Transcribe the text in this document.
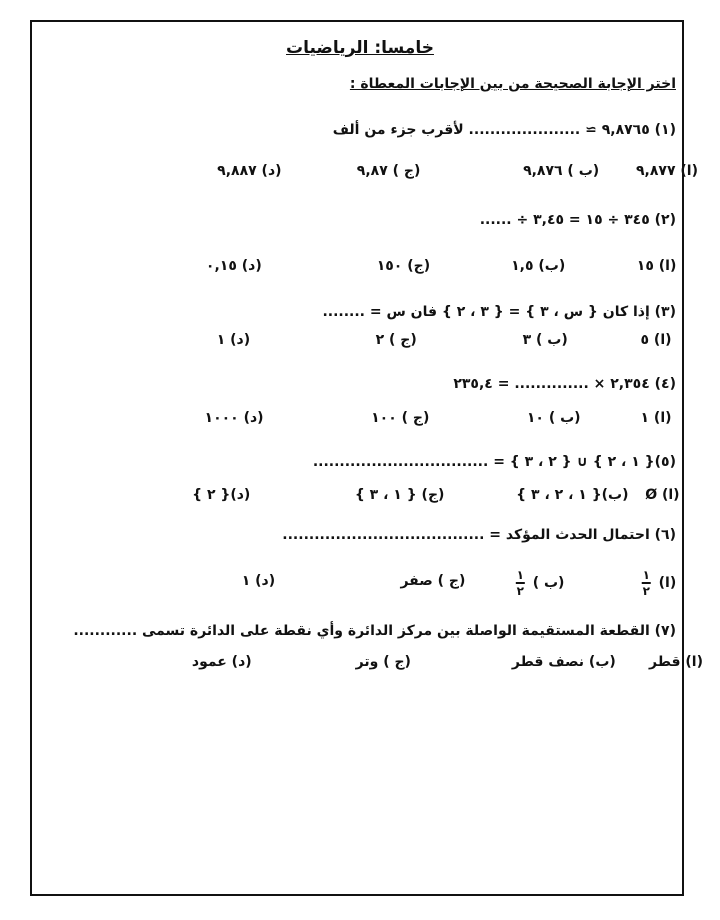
خامسا: الرياضيات
اختر الإجابة الصحيحة من بين الإجابات المعطاة :
(١) ٩,٨٧٦٥ ≃ ..................... لأقرب جزء من ألف
(ا) ٩,٨٧٧
(ب ) ٩,٨٧٦
(ج ) ٩,٨٧
(د) ٩,٨٨٧
(٢) ٣٤٥ ÷ ١٥ = ٣,٤٥ ÷ ......
(ا) ١٥
(ب) ١,٥
(ج) ١٥٠
(د) ٠,١٥
(٣) إذا كان { س ، ٣ } = { ٣ ، ٢ } فان س = ........
(ا) ٥
(ب ) ٣
(ج ) ٢
(د) ١
(٤) ٢,٣٥٤ × .............. = ٢٣٥,٤
(ا) ١
(ب ) ١٠
(ج ) ١٠٠
(د) ١٠٠٠
(٥){ ١ ، ٢ } ∪ { ٢ ، ٣ } = .................................
(ا) Ø
(ب){ ١ ، ٢ ، ٣ }
(ج) { ١ ، ٣ }
(د){ ٢ }
(٦) احتمال الحدث المؤكد = ......................................
(ا)
$\frac{١}{٢}$
(ب )
$\frac{١}{٢}$
(ج ) صفر
(د) ١
(٧) القطعة المستقيمة الواصلة بين مركز الدائرة وأي نقطة على الدائرة تسمى ............
(ا) قطر
(ب) نصف قطر
(ج ) وتر
(د) عمود
